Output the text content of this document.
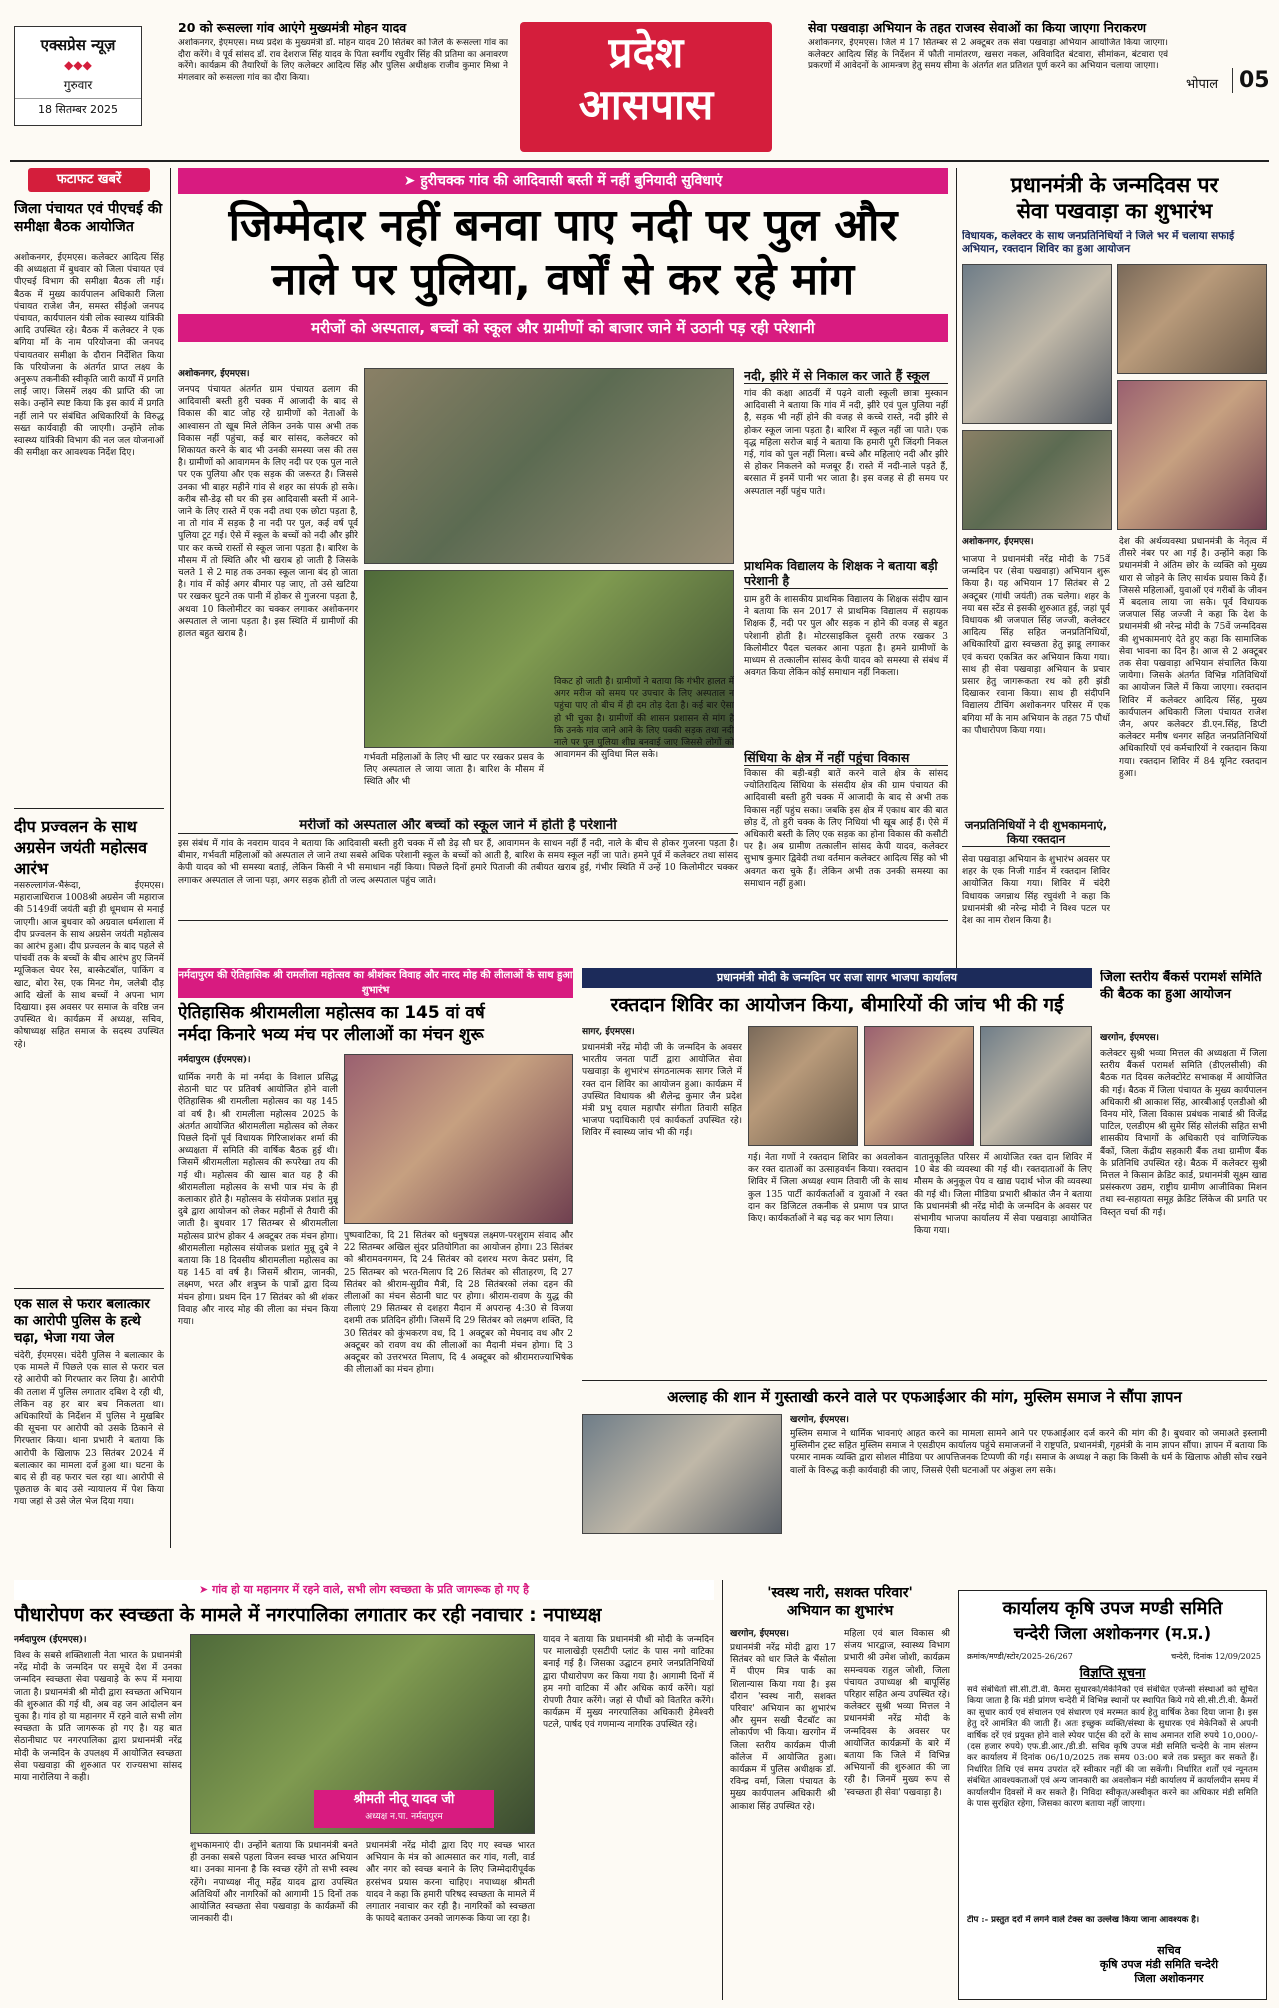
एक्सप्रेस न्यूज़
◆◆◆
गुरुवार
18 सितम्बर 2025
20 को रूसल्ला गांव आएंगे मुख्यमंत्री मोहन यादव
अशोकनगर, ईएमएस। मध्य प्रदेश के मुख्यमंत्री डॉ. मोहन यादव 20 सितंबर को जिले के रूसल्ला गांव का दौरा करेंगे। वे पूर्व सांसद डॉ. राव देशराज सिंह यादव के पिता स्वर्गीय रघुवीर सिंह की प्रतिमा का अनावरण करेंगे। कार्यक्रम की तैयारियों के लिए कलेक्टर आदित्य सिंह और पुलिस अधीक्षक राजीव कुमार मिश्रा ने मंगलवार को रूसल्ला गांव का दौरा किया।
प्रदेश
आसपास
सेवा पखवाड़ा अभियान के तहत राजस्व सेवाओं का किया जाएगा निराकरण
अशोकनगर, ईएमएस। जिले में 17 सितम्बर से 2 अक्टूबर तक सेवा पखवाड़ा अभियान आयोजित किया जाएगा। कलेक्टर आदित्य सिंह के निर्देशन में फौती नामांतरण, खसरा नकल, अविवादित बंटवारा, सीमांकन, बंटवारा एवं प्रकरणों में आवेदनों के आमन्त्रण हेतु समय सीमा के अंतर्गत शत प्रतिशत पूर्ण करने का अभियान चलाया जाएगा।
भोपाल 05
फटाफट खबरें
जिला पंचायत एवं पीएचई की समीक्षा बैठक आयोजित
अशोकनगर, ईएमएस। कलेक्टर आदित्य सिंह की अध्यक्षता में बुधवार को जिला पंचायत एवं पीएचई विभाग की समीक्षा बैठक ली गई। बैठक में मुख्य कार्यपालन अधिकारी जिला पंचायत राजेश जैन, समस्त सीईओ जनपद पंचायत, कार्यपालन यंत्री लोक स्वास्थ्य यांत्रिकी आदि उपस्थित रहे। बैठक में कलेक्टर ने एक बगिया माँ के नाम परियोजना की जनपद पंचायतवार समीक्षा के दौरान निर्देशित किया कि परियोजना के अंतर्गत प्राप्त लक्ष्य के अनुरूप तकनीकी स्वीकृति जारी कार्यों में प्रगति लाई जाए। जिसमें लक्ष्य की प्राप्ति की जा सके। उन्होंने स्पष्ट किया कि इस कार्य में प्रगति नहीं लाने पर संबंधित अधिकारियों के विरुद्ध सख्त कार्यवाही की जाएगी। उन्होंने लोक स्वास्थ्य यांत्रिकी विभाग की नल जल योजनाओं की समीक्षा कर आवश्यक निर्देश दिए।
दीप प्रज्वलन के साथ अग्रसेन जयंती महोत्सव आरंभ
नसरुल्लागंज-भैरूंदा, ईएमएस। महाराजाधिराज 1008श्री अग्रसेन जी महाराज की 5149वीं जयंती बड़ी ही धूमधाम से मनाई जाएगी। आज बुधवार को अग्रवाल धर्मशाला में दीप प्रज्वलन के साथ अग्रसेन जयंती महोत्सव का आरंभ हुआ। दीप प्रज्वलन के बाद पहले से पांचवीं तक के बच्चों के बीच आरंभ हुए जिनमें म्यूजिकल चेयर रेस, बास्केटबॉल, पाकिंग व खाट, बोरा रेस, एक मिनट गेम, जलेबी दौड़ आदि खेलों के साथ बच्चों ने अपना भाग दिखाया। इस अवसर पर समाज के वरिष्ठ जन उपस्थित थे। कार्यक्रम में अध्यक्ष, सचिव, कोषाध्यक्ष सहित समाज के सदस्य उपस्थित रहे।
एक साल से फरार बलात्कार का आरोपी पुलिस के हत्थे चढ़ा, भेजा गया जेल
चंदेरी, ईएमएस। चंदेरी पुलिस ने बलात्कार के एक मामले में पिछले एक साल से फरार चल रहे आरोपी को गिरफ्तार कर लिया है। आरोपी की तलाश में पुलिस लगातार दबिश दे रही थी, लेकिन वह हर बार बच निकलता था। अधिकारियों के निर्देशन में पुलिस ने मुखबिर की सूचना पर आरोपी को उसके ठिकाने से गिरफ्तार किया। थाना प्रभारी ने बताया कि आरोपी के खिलाफ 23 सितंबर 2024 में बलात्कार का मामला दर्ज हुआ था। घटना के बाद से ही वह फरार चल रहा था। आरोपी से पूछताछ के बाद उसे न्यायालय में पेश किया गया जहां से उसे जेल भेज दिया गया।
➤ हुरीचक्क गांव की आदिवासी बस्ती में नहीं बुनियादी सुविधाएं
जिम्मेदार नहीं बनवा पाए नदी पर पुल और
नाले पर पुलिया, वर्षों से कर रहे मांग
मरीजों को अस्पताल, बच्चों को स्कूल और ग्रामीणों को बाजार जाने में उठानी पड़ रही परेशानी
अशोकनगर, ईएमएस।
जनपद पंचायत अंतर्गत ग्राम पंचायत ढलाग की आदिवासी बस्ती हुरी चक्क में आजादी के बाद से विकास की बाट जोह रहे ग्रामीणों को नेताओं के आश्वासन तो खूब मिले लेकिन उनके पास अभी तक विकास नहीं पहुंचा, कई बार सांसद, कलेक्टर को शिकायत करने के बाद भी उनकी समस्या जस की तस है। ग्रामीणों को आवागमन के लिए नदी पर एक पुल नाले पर एक पुलिया और एक सड़क की जरूरत है। जिससे उनका भी बाहर महीने गांव से शहर का संपर्क हो सके। करीब सौ-डेढ़ सौ घर की इस आदिवासी बस्ती में आने-जाने के लिए रास्ते में एक नदी तथा एक छोटा पड़ता है, ना तो गांव में सड़क है ना नदी पर पुल, कई वर्ष पूर्व पुलिया टूट गई। ऐसे में स्कूल के बच्चों को नदी और झीरे पार कर कच्चे रास्तों से स्कूल जाना पड़ता है। बारिश के मौसम में तो स्थिति और भी खराब हो जाती है जिसके चलते 1 से 2 माह तक उनका स्कूल जाना बंद हो जाता है। गांव में कोई अगर बीमार पड़ जाए, तो उसे खटिया पर रखकर घुटने तक पानी में होकर से गुजरना पड़ता है, अथवा 10 किलोमीटर का चक्कर लगाकर अशोकनगर अस्पताल ले जाना पड़ता है। इस स्थिति में ग्रामीणों की हालत बहुत खराब है।
गर्भवती महिलाओं के लिए भी खाट पर रखकर प्रसव के लिए अस्पताल ले जाया जाता है। बारिश के मौसम में स्थिति और भी
विकट हो जाती है। ग्रामीणों ने बताया कि गंभीर हालत में अगर मरीज को समय पर उपचार के लिए अस्पताल न पहुंचा पाए तो बीच में ही दम तोड़ देता है। कई बार ऐसा हो भी चुका है। ग्रामीणों की शासन प्रशासन से मांग है कि उनके गांव जाने आने के लिए पक्की सड़क तथा नदी नाले पर पुल पुलिया शीघ्र बनवाई जाए जिससे लोगों को आवागमन की सुविधा मिल सके।
नदी, झीरे में से निकाल कर जाते हैं स्कूल
गांव की कक्षा आठवीं में पढ़ने वाली स्कूली छात्रा मुस्कान आदिवासी ने बताया कि गांव में नदी, झीरे एवं पुल पुलिया नहीं है, सड़क भी नहीं होने की वजह से कच्चे रास्ते, नदी झीरे से होकर स्कूल जाना पड़ता है। बारिश में स्कूल नहीं जा पाते। एक वृद्ध महिला सरोज बाई ने बताया कि हमारी पूरी जिंदगी निकल गई, गांव को पुल नहीं मिला। बच्चे और महिलाएं नदी और झीरे से होकर निकलने को मजबूर हैं। रास्ते में नदी-नाले पड़ते हैं, बरसात में इनमें पानी भर जाता है। इस वजह से ही समय पर अस्पताल नहीं पहुंच पाते।
प्राथमिक विद्यालय के शिक्षक ने बताया बड़ी परेशानी है
ग्राम हुरी के शासकीय प्राथमिक विद्यालय के शिक्षक संदीप खान ने बताया कि सन 2017 से प्राथमिक विद्यालय में सहायक शिक्षक हैं, नदी पर पुल और सड़क न होने की वजह से बहुत परेशानी होती है। मोटरसाइकिल दूसरी तरफ रखकर 3 किलोमीटर पैदल चलकर आना पड़ता है। हमने ग्रामीणों के माध्यम से तत्कालीन सांसद केपी यादव को समस्या से संबंध में अवगत किया लेकिन कोई समाधान नहीं निकला।
सिंधिया के क्षेत्र में नहीं पहुंचा विकास
विकास की बड़ी-बड़ी बातें करने वाले क्षेत्र के सांसद ज्योतिरादित्य सिंधिया के संसदीय क्षेत्र की ग्राम पंचायत की आदिवासी बस्ती हुरी चक्क में आजादी के बाद से अभी तक विकास नहीं पहुंच सका। जबकि इस क्षेत्र में एकाध बार की बात छोड़ दें, तो हुरी चक्क के लिए निधियां भी खूब आई हैं। ऐसे में अधिकारी बस्ती के लिए एक सड़क का होना विकास की कसौटी पर है। अब ग्रामीण तत्कालीन सांसद केपी यादव, कलेक्टर सुभाष कुमार द्विवेदी तथा वर्तमान कलेक्टर आदित्य सिंह को भी अवगत करा चुके हैं। लेकिन अभी तक उनकी समस्या का समाधान नहीं हुआ।
मरीजों को अस्पताल और बच्चों को स्कूल जाने में होती है परेशानी
इस संबंध में गांव के नवराम यादव ने बताया कि आदिवासी बस्ती हुरी चक्क में सौ डेढ़ सौ घर हैं, आवागमन के साधन नहीं हैं नदी, नाले के बीच से होकर गुजरना पड़ता है। बीमार, गर्भवती महिलाओं को अस्पताल ले जाने तथा सबसे अधिक परेशानी स्कूल के बच्चों को आती है, बारिश के समय स्कूल नहीं जा पाते। हमने पूर्व में कलेक्टर तथा सांसद केपी यादव को भी समस्या बताई, लेकिन किसी ने भी समाधान नहीं किया। पिछले दिनों हमारे पिताजी की तबीयत खराब हुई, गंभीर स्थिति में उन्हें 10 किलोमीटर चक्कर लगाकर अस्पताल ले जाना पड़ा, अगर सड़क होती तो जल्द अस्पताल पहुंच जाते।
प्रधानमंत्री के जन्मदिवस पर
सेवा पखवाड़ा का शुभारंभ
विधायक, कलेक्टर के साथ जनप्रतिनिधियों ने जिले भर में चलाया सफाई अभियान, रक्तदान शिविर का हुआ आयोजन
अशोकनगर, ईएमएस।
भाजपा ने प्रधानमंत्री नरेंद्र मोदी के 75वें जन्मदिन पर (सेवा पखवाड़ा) अभियान शुरू किया है। यह अभियान 17 सितंबर से 2 अक्टूबर (गांधी जयंती) तक चलेगा। शहर के नया बस स्टेंड से इसकी शुरुआत हुई, जहां पूर्व विधायक श्री जजपाल सिंह जज्जी, कलेक्टर आदित्य सिंह सहित जनप्रतिनिधियों, अधिकारियों द्वारा स्वच्छता हेतु झाडू लगाकर एवं कचरा एकत्रित कर अभियान किया गया। साथ ही सेवा पखवाड़ा अभियान के प्रचार प्रसार हेतु जागरूकता रथ को हरी झंडी दिखाकर रवाना किया। साथ ही संदीपनि विद्यालय टीचिंग अशोकनगर परिसर में एक बगिया माँ के नाम अभियान के तहत 75 पौधों का पौधारोपण किया गया।
जनप्रतिनिधियों ने दी शुभकामनाएं, किया रक्तदान
सेवा पखवाड़ा अभियान के शुभारंभ अवसर पर शहर के एक निजी गार्डन में रक्तदान शिविर आयोजित किया गया। शिविर में चंदेरी विधायक जगन्नाथ सिंह रघुवंशी ने कहा कि प्रधानमंत्री श्री नरेन्द्र मोदी ने विश्व पटल पर देश का नाम रोशन किया है।
देश की अर्थव्यवस्था प्रधानमंत्री के नेतृत्व में तीसरे नंबर पर आ गई है। उन्होंने कहा कि प्रधानमंत्री ने अंतिम छोर के व्यक्ति को मुख्य धारा से जोड़ने के लिए सार्थक प्रयास किये हैं। जिससे महिलाओं, युवाओं एवं गरीबों के जीवन में बदलाव लाया जा सके। पूर्व विधायक जजपाल सिंह जज्जी ने कहा कि देश के प्रधानमंत्री श्री नरेन्द्र मोदी के 75वें जन्मदिवस की शुभकामनाएं देते हुए कहा कि सामाजिक सेवा भावना का दिन है। आज से 2 अक्टूबर तक सेवा पखवाड़ा अभियान संचालित किया जायेगा। जिसके अंतर्गत विभिन्न गतिविधियों का आयोजन जिले में किया जाएगा। रक्तदान शिविर में कलेक्टर आदित्य सिंह, मुख्य कार्यपालन अधिकारी जिला पंचायत राजेश जैन, अपर कलेक्टर डी.एन.सिंह, डिप्टी कलेक्टर मनीष धनगर सहित जनप्रतिनिधियों अधिकारियों एवं कर्मचारियों ने रक्तदान किया गया। रक्तदान शिविर में 84 यूनिट रक्तदान हुआ।
नर्मदापुरम की ऐतिहासिक श्री रामलीला महोत्सव का श्रीशंकर विवाह और नारद मोह की लीलाओं के साथ हुआ शुभारंभ
ऐतिहासिक श्रीरामलीला महोत्सव का 145 वां वर्ष
नर्मदा किनारे भव्य मंच पर लीलाओं का मंचन शुरू
नर्मदापुरम (ईएमएस)।
धार्मिक नगरी के मां नर्मदा के विशाल प्रसिद्ध सेठानी घाट पर प्रतिवर्ष आयोजित होने वाली ऐतिहासिक श्री रामलीला महोत्सव का यह 145 वां वर्ष है। श्री रामलीला महोत्सव 2025 के अंतर्गत आयोजित श्रीरामलीला महोत्सव को लेकर पिछले दिनों पूर्व विधायक गिरिजाशंकर शर्मा की अध्यक्षता में समिति की वार्षिक बैठक हुई थी। जिसमें श्रीरामलीला महोत्सव की रूपरेखा तय की गई थी। महोत्सव की खास बात यह है की श्रीरामलीला महोत्सव के सभी पात्र मंच के ही कलाकार होते है। महोत्सव के संयोजक प्रशांत मुन्नू दुबे द्वारा आयोजन को लेकर महीनों से तैयारी की जाती है। बुधवार 17 सितम्बर से श्रीरामलीला महोत्सव प्रारंभ होकर 4 अक्टूबर तक मंचन होगा। श्रीरामलीला महोत्सव संयोजक प्रशांत मुन्नू दुबे ने बताया कि 18 दिवसीय श्रीरामलीला महोत्सव का यह 145 वां वर्ष है। जिसमें श्रीराम, जानकी, लक्ष्मण, भरत और शत्रुघ्न के पात्रों द्वारा दिव्य मंचन होगा। प्रथम दिन 17 सितंबर को श्री शंकर विवाह और नारद मोह की लीला का मंचन किया गया।
पुष्पवाटिका, दि 21 सितंबर को धनुषयज्ञ लक्ष्मण-परशुराम संवाद और 22 सितम्बर अखिल सुंदर प्रतियोगिता का आयोजन होगा। 23 सितंबर को श्रीरामवनगमन, दि 24 सितंबर को दशरथ मरण केवट प्रसंग, दि 25 सितम्बर को भरत-मिलाप दि 26 सितंबर को सीताहरण, दि 27 सितंबर को श्रीराम-सुग्रीव मैत्री, दि 28 सितंबरको लंका दहन की लीलाओं का मंचन सेठानी घाट पर होगा। श्रीराम-रावण के युद्ध की लीलाएं 29 सितम्बर से दशहरा मैदान में अपरान्ह 4:30 से विजया दशमी तक प्रतिदिन होंगी। जिसमें दि 29 सितंबर को लक्ष्मण शक्ति, दि 30 सितंबर को कुंभकरण वध, दि 1 अक्टूबर को मेघनाद वध और 2 अक्टूबर को रावण वध की लीलाओं का मैदानी मंचन होगा। दि 3 अक्टूबर को उत्तरभरत मिलाप, दि 4 अक्टूबर को श्रीरामराज्याभिषेक की लीलाओं का मंचन होगा।
प्रधानमंत्री मोदी के जन्मदिन पर सजा सागर भाजपा कार्यालय
रक्तदान शिविर का आयोजन किया, बीमारियों की जांच भी की गई
सागर, ईएमएस।
प्रधानमंत्री नरेंद्र मोदी जी के जन्मदिन के अवसर भारतीय जनता पार्टी द्वारा आयोजित सेवा पखवाड़ा के शुभारंभ संगठनात्मक सागर जिले में रक्त दान शिविर का आयोजन हुआ। कार्यक्रम में उपस्थित विधायक श्री शैलेन्द्र कुमार जैन प्रदेश मंत्री प्रभु दयाल महापौर संगीता तिवारी सहित भाजपा पदाधिकारी एवं कार्यकर्ता उपस्थित रहे। शिविर में स्वास्थ्य जांच भी की गई।
गई। नेता गणों ने रक्तदान शिविर का अवलोकन कर रक्त दाताओं का उत्साहवर्धन किया। रक्तदान शिविर में जिला अध्यक्ष श्याम तिवारी जी के साथ कुल 135 पार्टी कार्यकर्ताओं व युवाओं ने रक्त दान कर डिजिटल तकनीक से प्रमाण पत्र प्राप्त किए। कार्यकर्ताओं ने बढ़ चढ़ कर भाग लिया।
वातानुकूलित परिसर में आयोजित रक्त दान शिविर में 10 बेड की व्यवस्था की गई थी। रक्तदाताओं के लिए मौसम के अनुकूल पेय व खाद्य पदार्थ भोज की व्यवस्था की गई थी। जिला मीडिया प्रभारी श्रीकांत जैन ने बताया कि प्रधानमंत्री श्री नरेंद्र मोदी के जन्मदिन के अवसर पर संभागीय भाजपा कार्यालय में सेवा पखवाड़ा आयोजित किया गया।
जिला स्तरीय बैंकर्स परामर्श समिति की बैठक का हुआ आयोजन
खरगोन, ईएमएस।
कलेक्टर सुश्री भव्या मित्तल की अध्यक्षता में जिला स्तरीय बैंकर्स परामर्श समिति (डीएलसीसी) की बैठक गत दिवस कलेक्टोरेट सभाकक्ष में आयोजित की गई। बैठक में जिला पंचायत के मुख्य कार्यपालन अधिकारी श्री आकाश सिंह, आरबीआई एलडीओ श्री विनय मोरे, जिला विकास प्रबंधक नाबार्ड श्री विजेंद्र पाटिल, एलडीएम श्री सुमेर सिंह सोलंकी सहित सभी शासकीय विभागों के अधिकारी एवं वाणिज्यिक बैंकों, जिला केंद्रीय सहकारी बैंक तथा ग्रामीण बैंक के प्रतिनिधि उपस्थित रहे। बैठक में कलेक्टर सुश्री मित्तल ने किसान क्रेडिट कार्ड, प्रधानमंत्री सूक्ष्म खाद्य प्रसंस्करण उद्यम, राष्ट्रीय ग्रामीण आजीविका मिशन तथा स्व-सहायता समूह क्रेडिट लिंकेज की प्रगति पर विस्तृत चर्चा की गई।
अल्लाह की शान में गुस्ताखी करने वाले पर एफआईआर की मांग, मुस्लिम समाज ने सौंपा ज्ञापन
खरगोन, ईएमएस।
मुस्लिम समाज ने धार्मिक भावनाएं आहत करने का मामला सामने आने पर एफआईआर दर्ज करने की मांग की है। बुधवार को जमाअते इस्लामी मुस्लिमीन ट्रस्ट सहित मुस्लिम समाज ने एसडीएम कार्यालय पहुंचे समाजजनों ने राष्ट्रपति, प्रधानमंत्री, गृहमंत्री के नाम ज्ञापन सौंपा। ज्ञापन में बताया कि परमार नामक व्यक्ति द्वारा सोशल मीडिया पर आपत्तिजनक टिप्पणी की गई। समाज के अध्यक्ष ने कहा कि किसी के धर्म के खिलाफ ओछी सोच रखने वालों के विरुद्ध कड़ी कार्यवाही की जाए, जिससे ऐसी घटनाओं पर अंकुश लग सके।
➤ गांव हो या महानगर में रहने वाले, सभी लोग स्वच्छता के प्रति जागरूक हो गए है
पौधारोपण कर स्वच्छता के मामले में नगरपालिका लगातार कर रही नवाचार : नपाध्यक्ष
नर्मदापुरम (ईएमएस)।
विश्व के सबसे शक्तिशाली नेता भारत के प्रधानमंत्री नरेंद्र मोदी के जन्मदिन पर समूचे देश में उनका जन्मदिन स्वच्छता सेवा पखवाड़े के रूप में मनाया जाता है। प्रधानमंत्री श्री मोदी द्वारा स्वच्छता अभियान की शुरुआत की गई थी, अब वह जन आंदोलन बन चुका है। गांव हो या महानगर में रहने वाले सभी लोग स्वच्छता के प्रति जागरूक हो गए है। यह बात सेठानीघाट पर नगरपालिका द्वारा प्रधानमंत्री नरेंद्र मोदी के जन्मदिन के उपलक्ष्य में आयोजित स्वच्छता सेवा पखवाड़ा की शुरुआत पर राज्यसभा सांसद माया नारोलिया ने कही।
श्रीमती नीतू यादव जी
अध्यक्ष न.पा. नर्मदापुरम
शुभकामनाएं दी। उन्होंने बताया कि प्रधानमंत्री बनते ही उनका सबसे पहला विजन स्वच्छ भारत अभियान था। उनका मानना है कि स्वच्छ रहेंगे तो सभी स्वस्थ रहेंगे। नपाध्यक्ष नीतू महेंद्र यादव द्वारा उपस्थित अतिथियों और नागरिकों को आगामी 15 दिनों तक आयोजित स्वच्छता सेवा पखवाड़ा के कार्यक्रमों की जानकारी दी।
प्रधानमंत्री नरेंद्र मोदी द्वारा दिए गए स्वच्छ भारत अभियान के मंत्र को आत्मसात कर गांव, गली, वार्ड और नगर को स्वच्छ बनाने के लिए जिम्मेदारीपूर्वक हरसंभव प्रयास करना चाहिए। नपाध्यक्ष श्रीमती यादव ने कहा कि हमारी परिषद स्वच्छता के मामले में लगातार नवाचार कर रही है। नागरिकों को स्वच्छता के फायदे बताकर उनको जागरूक किया जा रहा है।
यादव ने बताया कि प्रधानमंत्री श्री मोदी के जन्मदिन पर मालाखेड़ी एसटीपी प्लांट के पास नगो वाटिका बनाई गई है। जिसका उद्घाटन हमारे जनप्रतिनिधियों द्वारा पौधारोपण कर किया गया है। आगामी दिनों में हम नगो वाटिका में और अधिक कार्य करेंगे। यहां रोपणी तैयार करेंगे। जहां से पौधों को वितरित करेंगे। कार्यक्रम में मुख्य नगरपालिका अधिकारी हेमेश्वरी पटले, पार्षद एवं गणमान्य नागरिक उपस्थित रहे।
'स्वस्थ नारी, सशक्त परिवार'
अभियान का शुभारंभ
खरगोन, ईएमएस।
प्रधानमंत्री नरेंद्र मोदी द्वारा 17 सितंबर को धार जिले के भैंसोला में पीएम मित्र पार्क का शिलान्यास किया गया है। इस दौरान 'स्वस्थ नारी, सशक्त परिवार' अभियान का शुभारंभ और सुमन सखी चैटबॉट का लोकार्पण भी किया। खरगोन में जिला स्तरीय कार्यक्रम पीजी कॉलेज में आयोजित हुआ। कार्यक्रम में पुलिस अधीक्षक डॉ. रविन्द्र वर्मा, जिला पंचायत के मुख्य कार्यपालन अधिकारी श्री आकाश सिंह उपस्थित रहे।
महिला एवं बाल विकास श्री संजय भारद्वाज, स्वास्थ्य विभाग प्रभारी श्री उमेश जोशी, कार्यक्रम समन्वयक राहुल जोशी, जिला पंचायत उपाध्यक्ष श्री बापूसिंह परिहार सहित अन्य उपस्थित रहे। कलेक्टर सुश्री भव्या मित्तल ने प्रधानमंत्री नरेंद्र मोदी के जन्मदिवस के अवसर पर आयोजित कार्यक्रमों के बारे में बताया कि जिले में विभिन्न अभियानों की शुरुआत की जा रही है। जिनमें मुख्य रूप से 'स्वच्छता ही सेवा' पखवाड़ा है।
कार्यालय कृषि उपज मण्डी समिति
चन्देरी जिला अशोकनगर (म.प्र.)
क्रमांक/मण्डी/स्टोर/2025-26/267	चन्देरी, दिनांक 12/09/2025
विज्ञप्ति सूचना
सर्व संबंधितों सी.सी.टी.वी. कैमरा सुधारको/मेकेनिको एवं संबंधित एजेन्सी संस्थाओं को सूचित किया जाता है कि मंडी प्रांगण चन्देरी में विभिन्न स्थानों पर स्थापित किये गये सी.सी.टी.वी. कैमरों का सुधार कार्य एवं संचालन एवं संधारण एवं मरम्मत कार्य हेतु वार्षिक ठेका दिया जाना है। इस हेतु दरें आमंत्रित की जाती हैं। अतः इच्छुक व्यक्ति/संस्था के सुधारक एवं मेकेनिकों से अपनी वार्षिक दरें एवं प्रयुक्त होने वाले स्पेयर पार्ट्स की दरों के साथ अमानत राशि रुपये 10,000/- (दस हजार रुपये) एफ.डी.आर./डी.डी. सचिव कृषि उपज मंडी समिति चन्देरी के नाम संलग्न कर कार्यालय में दिनांक 06/10/2025 तक समय 03:00 बजे तक प्रस्तुत कर सकते हैं। निर्धारित तिथि एवं समय उपरांत दरें स्वीकार नहीं की जा सकेंगी। निर्धारित शर्तों एवं न्यूनतम संबंधित आवश्यकताओं एवं अन्य जानकारी का अवलोकन मंडी कार्यालय में कार्यालयीन समय में कार्यालयीन दिवसों में कर सकते हैं। निविदा स्वीकृत/अस्वीकृत करने का अधिकार मंडी समिति के पास सुरक्षित रहेगा, जिसका कारण बताया नहीं जाएगा।
टीप :- प्रस्तुत दरों में लगने वाले टेक्स का उल्लेख किया जाना आवश्यक है।
सचिव
कृषि उपज मंडी समिति चन्देरी
जिला अशोकनगर
